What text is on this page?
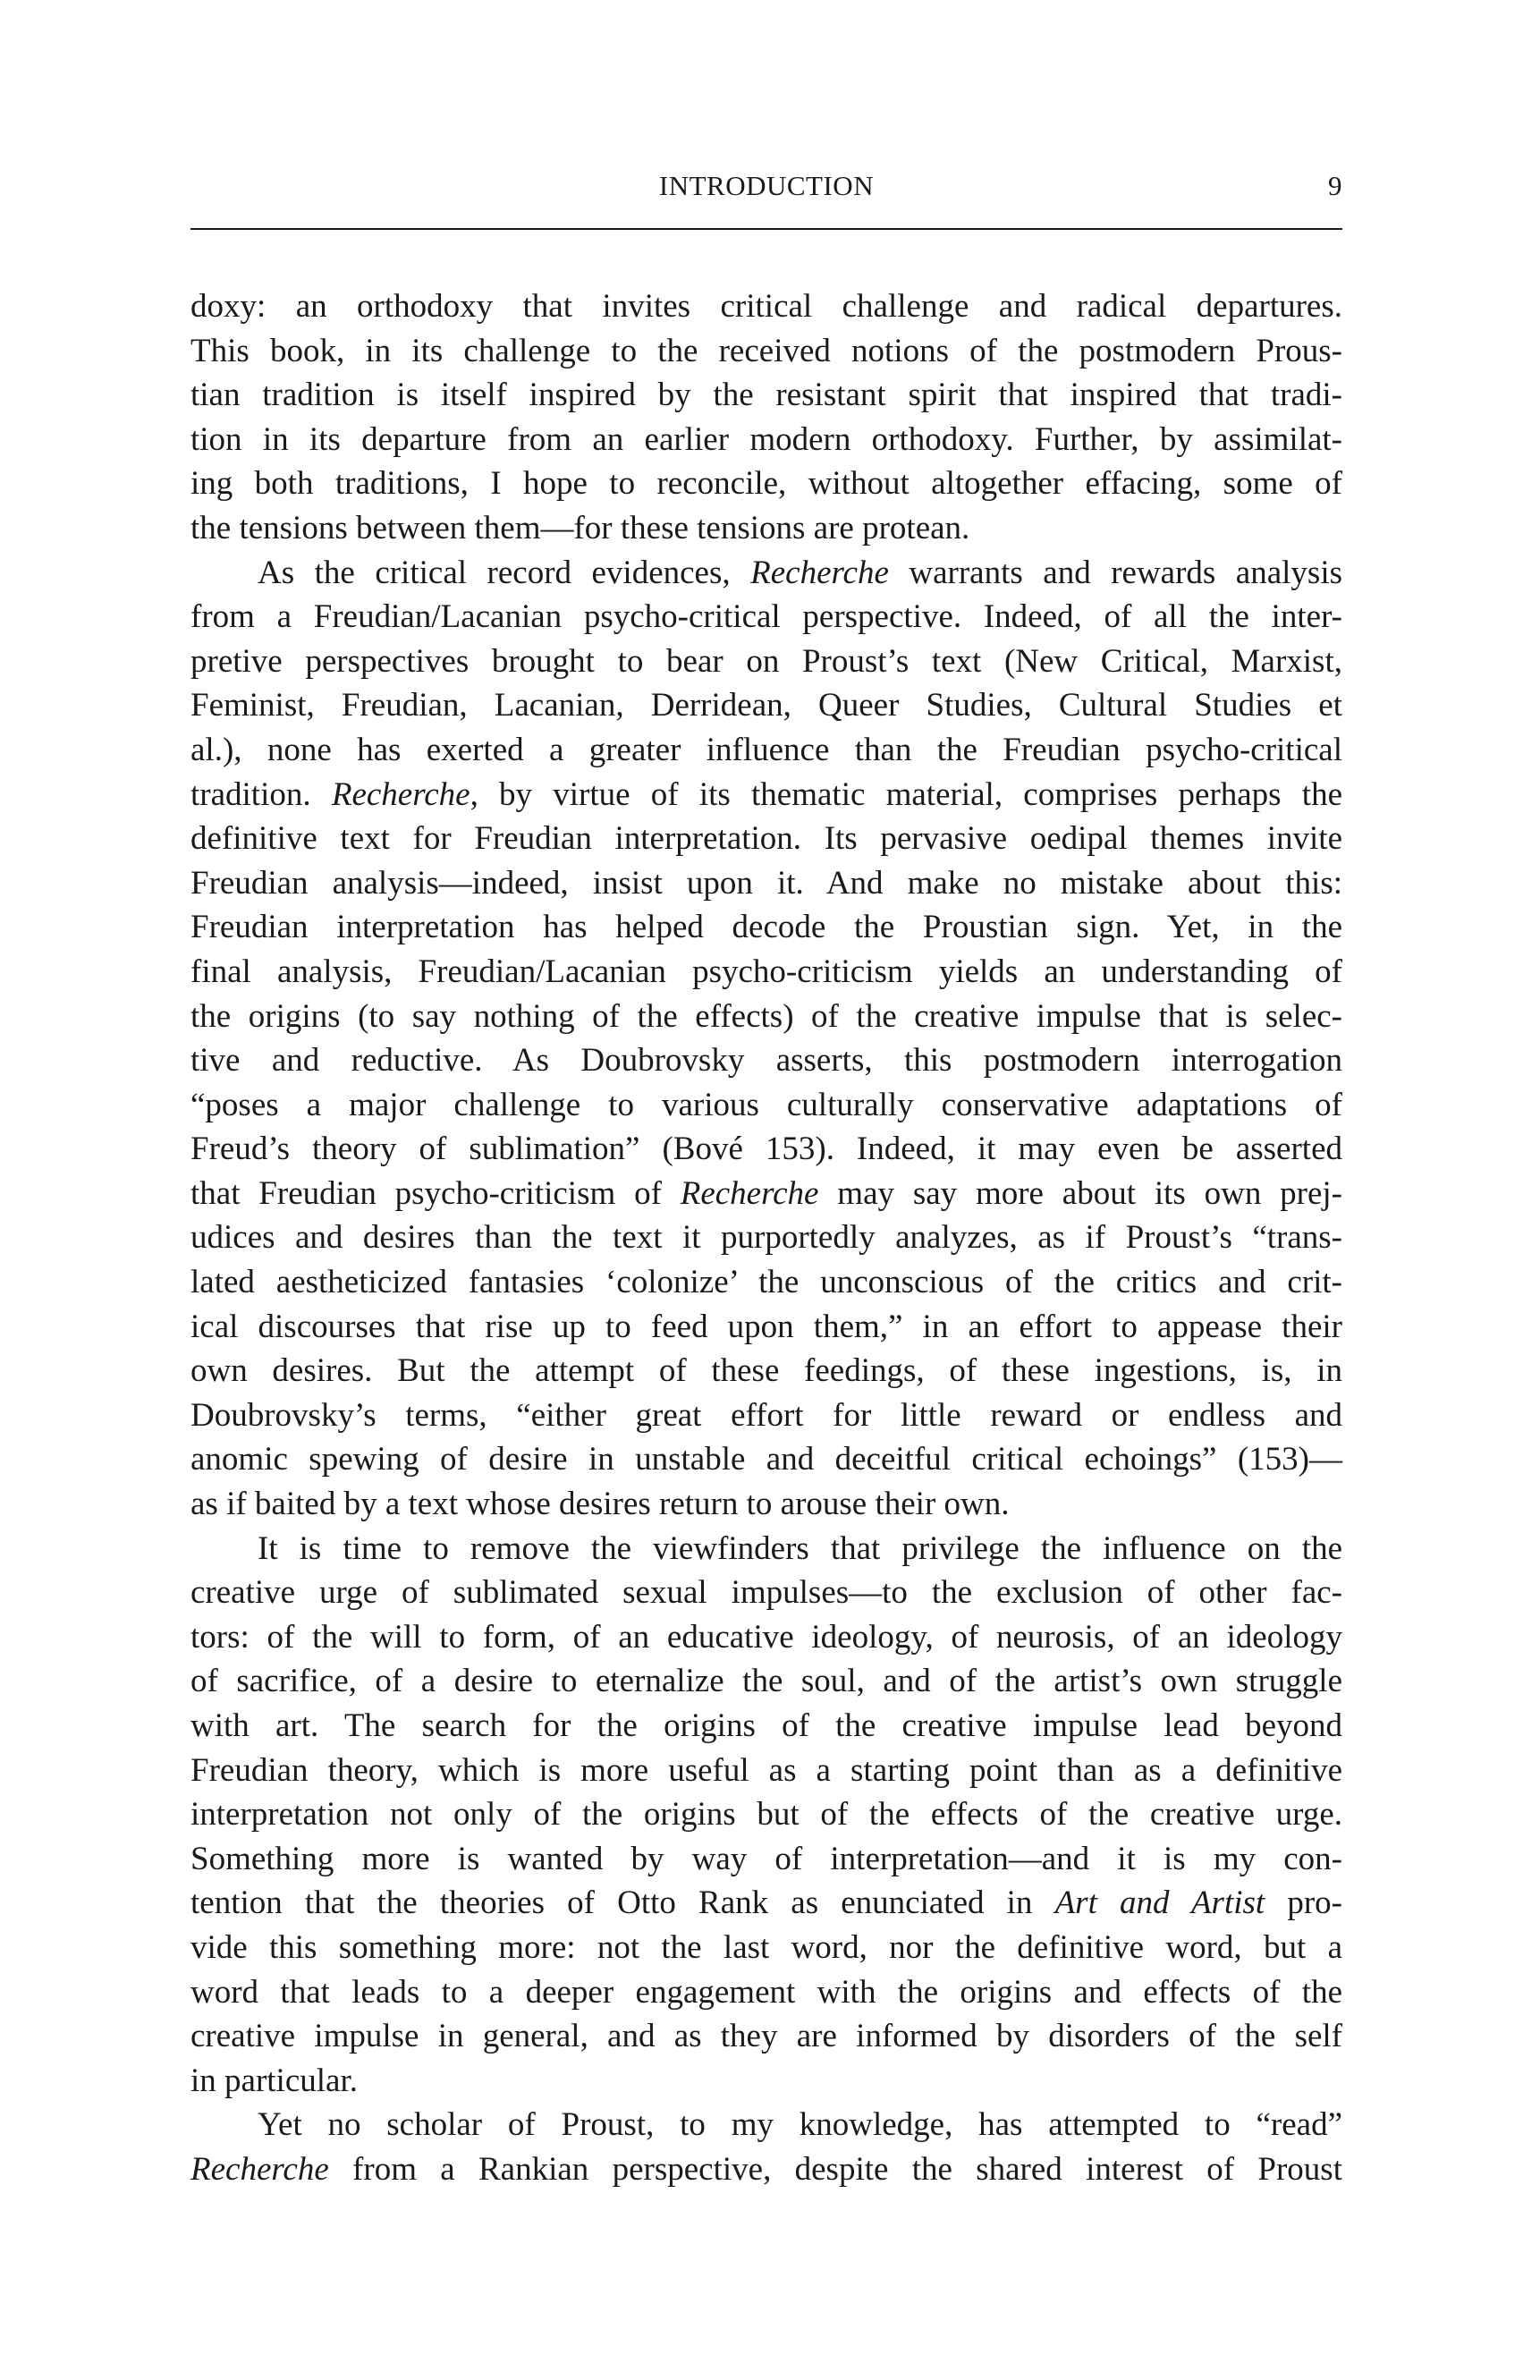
INTRODUCTION	9
doxy: an orthodoxy that invites critical challenge and radical departures.
This book, in its challenge to the received notions of the postmodern Prous-
tian tradition is itself inspired by the resistant spirit that inspired that tradi-
tion in its departure from an earlier modern orthodoxy. Further, by assimilat-
ing both traditions, I hope to reconcile, without altogether effacing, some of
the tensions between them—for these tensions are protean.
As the critical record evidences, Recherche warrants and rewards analysis
from a Freudian/Lacanian psycho-critical perspective. Indeed, of all the inter-
pretive perspectives brought to bear on Proust’s text (New Critical, Marxist,
Feminist, Freudian, Lacanian, Derridean, Queer Studies, Cultural Studies et
al.), none has exerted a greater influence than the Freudian psycho-critical
tradition. Recherche, by virtue of its thematic material, comprises perhaps the
definitive text for Freudian interpretation. Its pervasive oedipal themes invite
Freudian analysis—indeed, insist upon it. And make no mistake about this:
Freudian interpretation has helped decode the Proustian sign. Yet, in the
final analysis, Freudian/Lacanian psycho-criticism yields an understanding of
the origins (to say nothing of the effects) of the creative impulse that is selec-
tive and reductive. As Doubrovsky asserts, this postmodern interrogation
“poses a major challenge to various culturally conservative adaptations of
Freud’s theory of sublimation” (Bové 153). Indeed, it may even be asserted
that Freudian psycho-criticism of Recherche may say more about its own prej-
udices and desires than the text it purportedly analyzes, as if Proust’s “trans-
lated aestheticized fantasies ‘colonize’ the unconscious of the critics and crit-
ical discourses that rise up to feed upon them,” in an effort to appease their
own desires. But the attempt of these feedings, of these ingestions, is, in
Doubrovsky’s terms, “either great effort for little reward or endless and
anomic spewing of desire in unstable and deceitful critical echoings” (153)—
as if baited by a text whose desires return to arouse their own.
It is time to remove the viewfinders that privilege the influence on the
creative urge of sublimated sexual impulses—to the exclusion of other fac-
tors: of the will to form, of an educative ideology, of neurosis, of an ideology
of sacrifice, of a desire to eternalize the soul, and of the artist’s own struggle
with art. The search for the origins of the creative impulse lead beyond
Freudian theory, which is more useful as a starting point than as a definitive
interpretation not only of the origins but of the effects of the creative urge.
Something more is wanted by way of interpretation—and it is my con-
tention that the theories of Otto Rank as enunciated in Art and Artist pro-
vide this something more: not the last word, nor the definitive word, but a
word that leads to a deeper engagement with the origins and effects of the
creative impulse in general, and as they are informed by disorders of the self
in particular.
Yet no scholar of Proust, to my knowledge, has attempted to “read”
Recherche from a Rankian perspective, despite the shared interest of Proust
